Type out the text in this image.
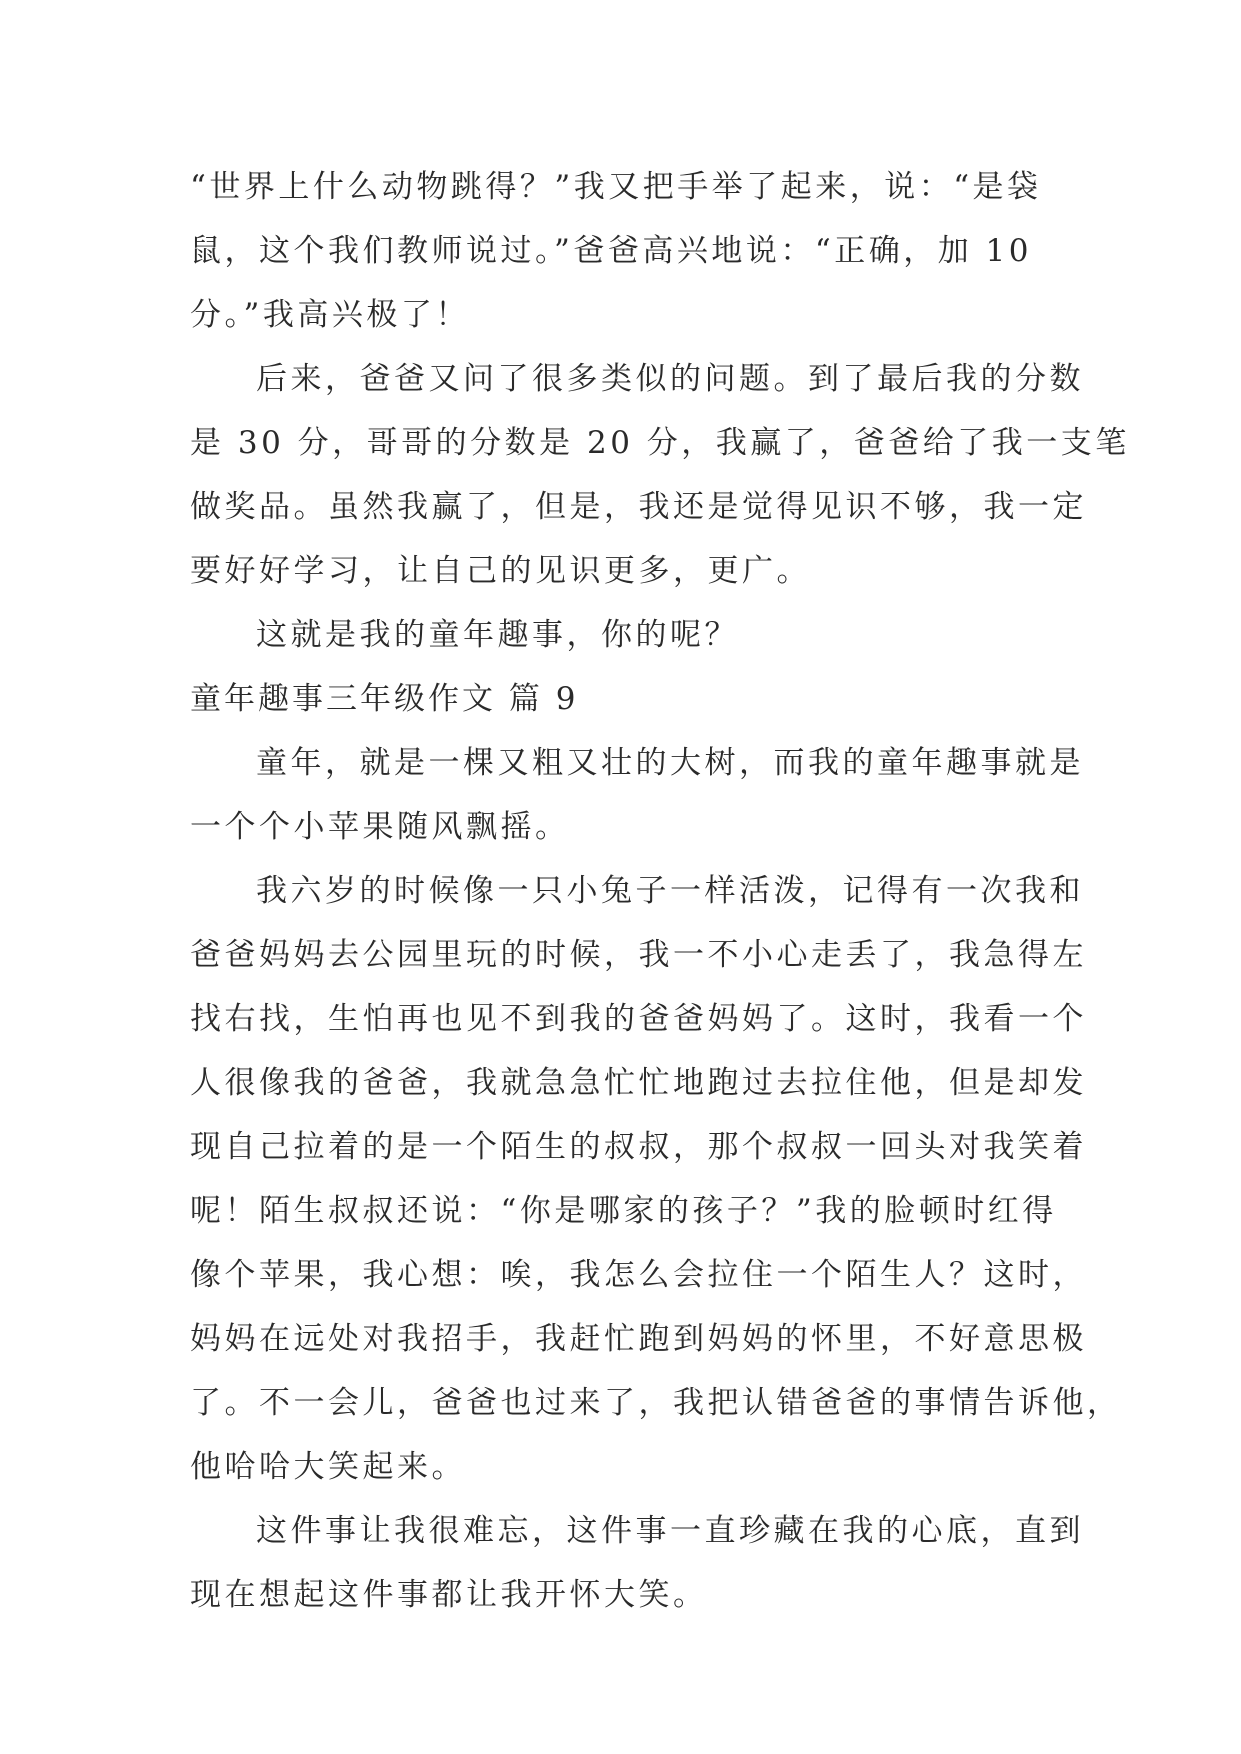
“世界上什么动物跳得？”我又把手举了起来，说：“是袋
鼠，这个我们教师说过。”爸爸高兴地说：“正确，加 10
分。”我高兴极了！
后来，爸爸又问了很多类似的问题。到了最后我的分数
是 30 分，哥哥的分数是 20 分，我赢了，爸爸给了我一支笔
做奖品。虽然我赢了，但是，我还是觉得见识不够，我一定
要好好学习，让自己的见识更多，更广。
这就是我的童年趣事，你的呢？
童年趣事三年级作文 篇 9
童年，就是一棵又粗又壮的大树，而我的童年趣事就是
一个个小苹果随风飘摇。
我六岁的时候像一只小兔子一样活泼，记得有一次我和
爸爸妈妈去公园里玩的时候，我一不小心走丢了，我急得左
找右找，生怕再也见不到我的爸爸妈妈了。这时，我看一个
人很像我的爸爸，我就急急忙忙地跑过去拉住他，但是却发
现自己拉着的是一个陌生的叔叔，那个叔叔一回头对我笑着
呢！陌生叔叔还说：“你是哪家的孩子？”我的脸顿时红得
像个苹果，我心想：唉，我怎么会拉住一个陌生人？这时，
妈妈在远处对我招手，我赶忙跑到妈妈的怀里，不好意思极
了。不一会儿，爸爸也过来了，我把认错爸爸的事情告诉他，
他哈哈大笑起来。
这件事让我很难忘，这件事一直珍藏在我的心底，直到
现在想起这件事都让我开怀大笑。
